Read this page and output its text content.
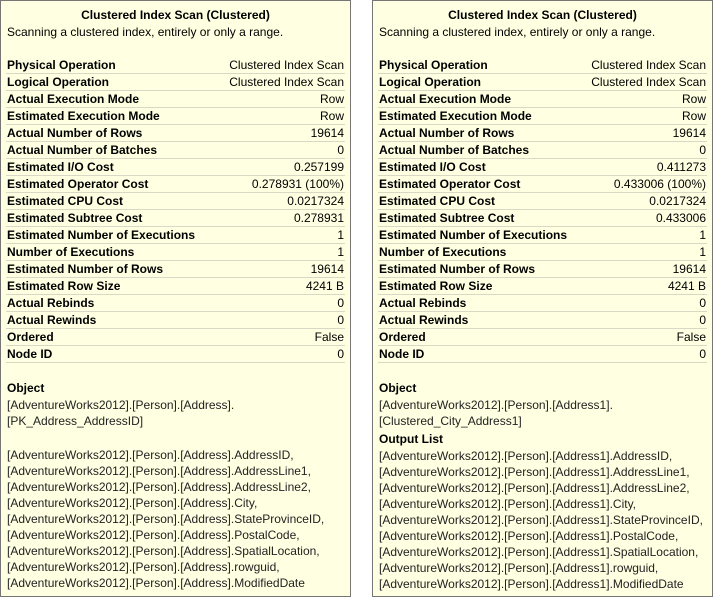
Clustered Index Scan (Clustered)
Scanning a clustered index, entirely or only a range.
Physical Operation	Clustered Index Scan
Logical Operation	Clustered Index Scan
Actual Execution Mode	Row
Estimated Execution Mode	Row
Actual Number of Rows	19614
Actual Number of Batches	0
Estimated I/O Cost	0.257199
Estimated Operator Cost	0.278931 (100%)
Estimated CPU Cost	0.0217324
Estimated Subtree Cost	0.278931
Estimated Number of Executions	1
Number of Executions	1
Estimated Number of Rows	19614
Estimated Row Size	4241 B
Actual Rebinds	0
Actual Rewinds	0
Ordered	False
Node ID	0
Object
[AdventureWorks2012].[Person].[Address].
[PK_Address_AddressID]
[AdventureWorks2012].[Person].[Address].AddressID,
[AdventureWorks2012].[Person].[Address].AddressLine1,
[AdventureWorks2012].[Person].[Address].AddressLine2,
[AdventureWorks2012].[Person].[Address].City,
[AdventureWorks2012].[Person].[Address].StateProvinceID,
[AdventureWorks2012].[Person].[Address].PostalCode,
[AdventureWorks2012].[Person].[Address].SpatialLocation,
[AdventureWorks2012].[Person].[Address].rowguid,
[AdventureWorks2012].[Person].[Address].ModifiedDate
Clustered Index Scan (Clustered)
Scanning a clustered index, entirely or only a range.
Physical Operation	Clustered Index Scan
Logical Operation	Clustered Index Scan
Actual Execution Mode	Row
Estimated Execution Mode	Row
Actual Number of Rows	19614
Actual Number of Batches	0
Estimated I/O Cost	0.411273
Estimated Operator Cost	0.433006 (100%)
Estimated CPU Cost	0.0217324
Estimated Subtree Cost	0.433006
Estimated Number of Executions	1
Number of Executions	1
Estimated Number of Rows	19614
Estimated Row Size	4241 B
Actual Rebinds	0
Actual Rewinds	0
Ordered	False
Node ID	0
Object
[AdventureWorks2012].[Person].[Address1].
[Clustered_City_Address1]
Output List
[AdventureWorks2012].[Person].[Address1].AddressID,
[AdventureWorks2012].[Person].[Address1].AddressLine1,
[AdventureWorks2012].[Person].[Address1].AddressLine2,
[AdventureWorks2012].[Person].[Address1].City,
[AdventureWorks2012].[Person].[Address1].StateProvinceID,
[AdventureWorks2012].[Person].[Address1].PostalCode,
[AdventureWorks2012].[Person].[Address1].SpatialLocation,
[AdventureWorks2012].[Person].[Address1].rowguid,
[AdventureWorks2012].[Person].[Address1].ModifiedDate
